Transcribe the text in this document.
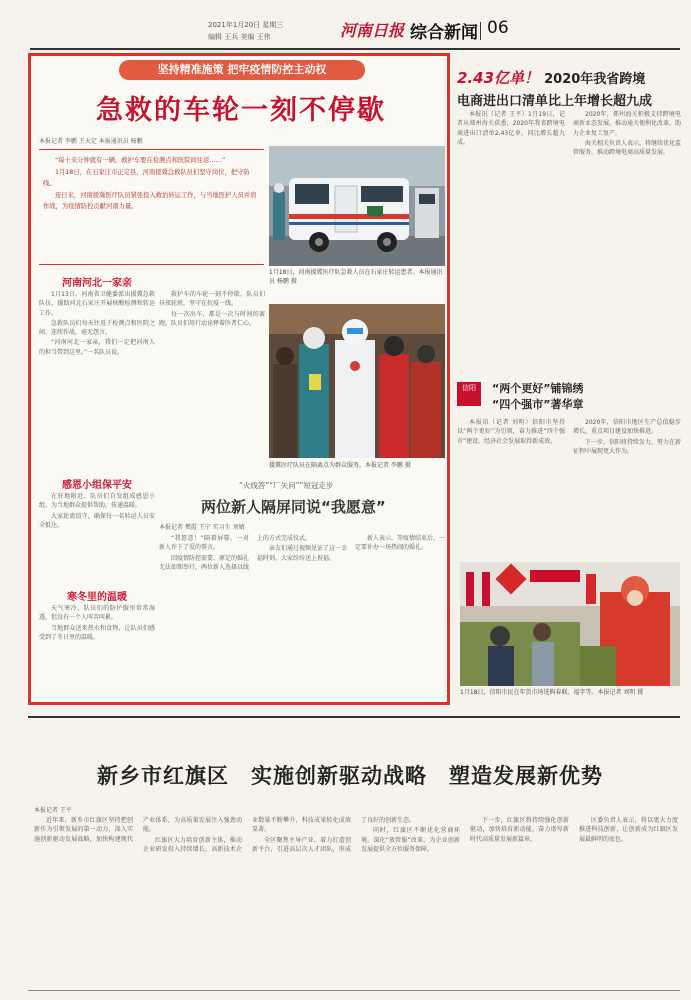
2021年1月20日 星期三
编辑 王兵 美编 王伟	河南日报 综合新闻 06
坚持精准施策 把牢疫情防控主动权
急救的车轮一刻不停歇
本报记者 李鹏 王天定 本报通讯员 杨鹏

“每十来分钟就有一辆，救护车要在检测点和医院间往返……”

1月18日，在石家庄市正定县，河南援冀急救队员们坚守岗位，把守防线。

连日来，河南援冀医疗队员紧张投入救治转运工作，与当地医护人员并肩作战，为疫情防控贡献河南力量。

1月18日，河南援冀医疗队急救人员在石家庄转运患者。本报通讯员 杨鹏 摄
河南河北一家亲

1月13日，河南省卫健委派出援冀急救队伍，援助河北石家庄开展核酸检测和转运工作。

急救队员们每天往返于检测点和医院之间，连续作战，毫无怨言。

“河南河北一家亲，我们一定把河南人的担当带到这里。”一名队员说。

救护车的车轮一刻不停歇，队员们昼夜轮班，坚守在抗疫一线。

每一次出车，都是一次与时间的赛跑，队员们用行动诠释着医者仁心。

援冀医疗队员在隔离点为群众服务。本报记者 李鹏 摄
感恩小组保平安

在驻地附近，队员们自发组成感恩小组，为当地群众提供帮助，传递温暖。

大家轮流值守，确保每一名转运人员安全抵达。

寒冬里的温暖

天气寒冷，队员们的防护服里常常湿透，但没有一个人叫苦叫累。

当地群众送来热水和食物，让队员们感受到了冬日里的温暖。

“火线答”“厂矢问”“短冠走步
两位新人隔屏同说“我愿意”
本报记者 樊霞 王宁 实习生 刘婧

“我愿意！”隔着屏幕，一对新人许下了爱的誓言。

因疫情防控需要，原定的婚礼无法如期举行，两位新人选择以线上的方式完成仪式。

亲友们通过视频见证了这一幸福时刻，大家纷纷送上祝福。

新人表示，等疫情结束后，一定要补办一场热闹的婚礼。

2.43亿单！ 2020年我省跨境
电商进出口清单比上年增长超九成

本报讯（记者 王平）1月19日，记者从郑州海关获悉，2020年我省跨境电商进出口清单2.43亿单，同比增长超九成。

2020年，郑州海关积极支持跨境电商新业态发展，推动通关便利化改革，助力企业复工复产。

海关相关负责人表示，将继续优化监管服务，推动跨境电商高质量发展。

信阳	“两个更好”铺锦绣
“四个强市”著华章

本报讯（记者 刘明）信阳市坚持以“两个更好”为引领，奋力推进“四个强市”建设，经济社会发展取得新成效。

2020年，信阳市地区生产总值稳步增长，重点项目建设加快推进。

下一步，信阳将持续发力，努力在新征程中展现更大作为。

1月18日，信阳市民在年货市场选购春联、福字等。本报记者 刘明 摄
新乡市红旗区　实施创新驱动战略　塑造发展新优势
本报记者 王平

近年来，新乡市红旗区坚持把创新作为引领发展的第一动力，深入实施创新驱动发展战略，加快构建现代产业体系，为高质量发展注入强劲动能。

红旗区大力培育创新主体，推动企业研发投入持续增长，高新技术企业数量不断攀升，科技成果转化成效显著。

全区聚焦主导产业，着力打造创新平台，引进高层次人才团队，形成了良好的创新生态。

同时，红旗区不断优化营商环境，深化“放管服”改革，为企业创新发展提供全方位服务保障。

下一步，红旗区将持续强化创新驱动，加快培育新动能，奋力谱写新时代高质量发展新篇章。

区委负责人表示，将以更大力度推进科技创新，让创新成为红旗区发展最鲜明的底色。
